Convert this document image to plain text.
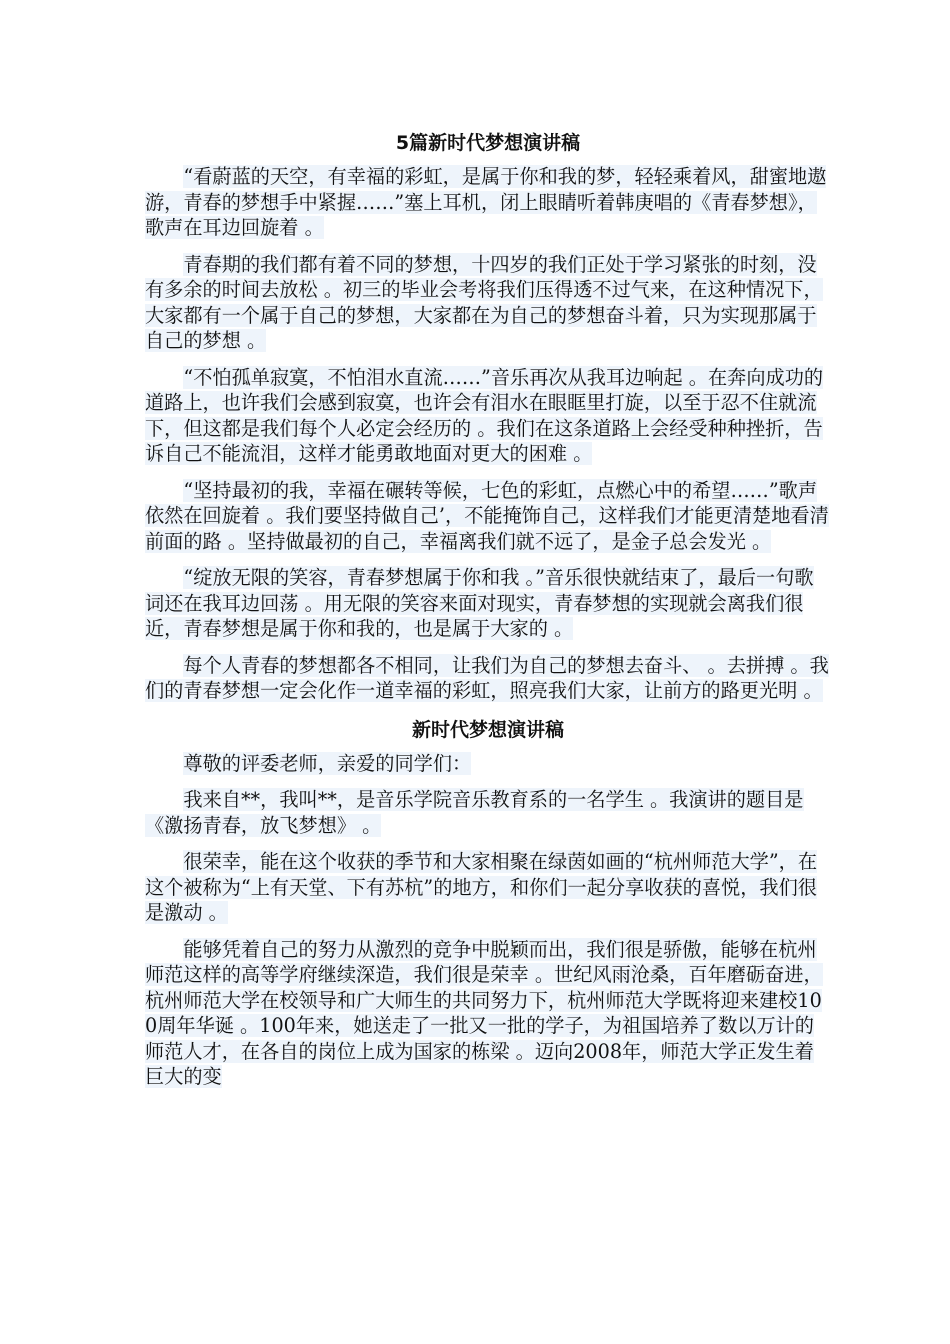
5篇新时代梦想演讲稿

“看蔚蓝的天空，有幸福的彩虹，是属于你和我的梦，轻轻乘着风，甜蜜地遨游，青春的梦想手中紧握……”塞上耳机，闭上眼睛听着韩庚唱的《青春梦想》，歌声在耳边回旋着 。

青春期的我们都有着不同的梦想，十四岁的我们正处于学习紧张的时刻，没有多余的时间去放松 。初三的毕业会考将我们压得透不过气来，在这种情况下，大家都有一个属于自己的梦想，大家都在为自己的梦想奋斗着，只为实现那属于自己的梦想 。

“不怕孤单寂寞，不怕泪水直流……”音乐再次从我耳边响起 。在奔向成功的道路上，也许我们会感到寂寞，也许会有泪水在眼眶里打旋，以至于忍不住就流下，但这都是我们每个人必定会经历的 。我们在这条道路上会经受种种挫折，告诉自己不能流泪，这样才能勇敢地面对更大的困难 。

“坚持最初的我，幸福在碾转等候，七色的彩虹，点燃心中的希望……”歌声依然在回旋着 。我们要坚持做自己’，不能掩饰自己，这样我们才能更清楚地看清前面的路 。坚持做最初的自己，幸福离我们就不远了，是金子总会发光 。

“绽放无限的笑容，青春梦想属于你和我 。”音乐很快就结束了，最后一句歌词还在我耳边回荡 。用无限的笑容来面对现实，青春梦想的实现就会离我们很近，青春梦想是属于你和我的，也是属于大家的 。

每个人青春的梦想都各不相同，让我们为自己的梦想去奋斗、 。去拼搏 。我们的青春梦想一定会化作一道幸福的彩虹，照亮我们大家，让前方的路更光明 。

新时代梦想演讲稿

尊敬的评委老师，亲爱的同学们：

我来自**，我叫**，是音乐学院音乐教育系的一名学生 。我演讲的题目是《激扬青春，放飞梦想》 。

很荣幸，能在这个收获的季节和大家相聚在绿茵如画的“杭州师范大学”，在这个被称为“上有天堂、下有苏杭”的地方，和你们一起分享收获的喜悦，我们很是激动 。

能够凭着自己的努力从激烈的竞争中脱颖而出，我们很是骄傲，能够在杭州师范这样的高等学府继续深造，我们很是荣幸 。世纪风雨沧桑，百年磨砺奋进，杭州师范大学在校领导和广大师生的共同努力下，杭州师范大学既将迎来建校100周年华诞 。100年来，她送走了一批又一批的学子，为祖国培养了数以万计的师范人才，在各自的岗位上成为国家的栋梁 。迈向2008年，师范大学正发生着巨大的变
